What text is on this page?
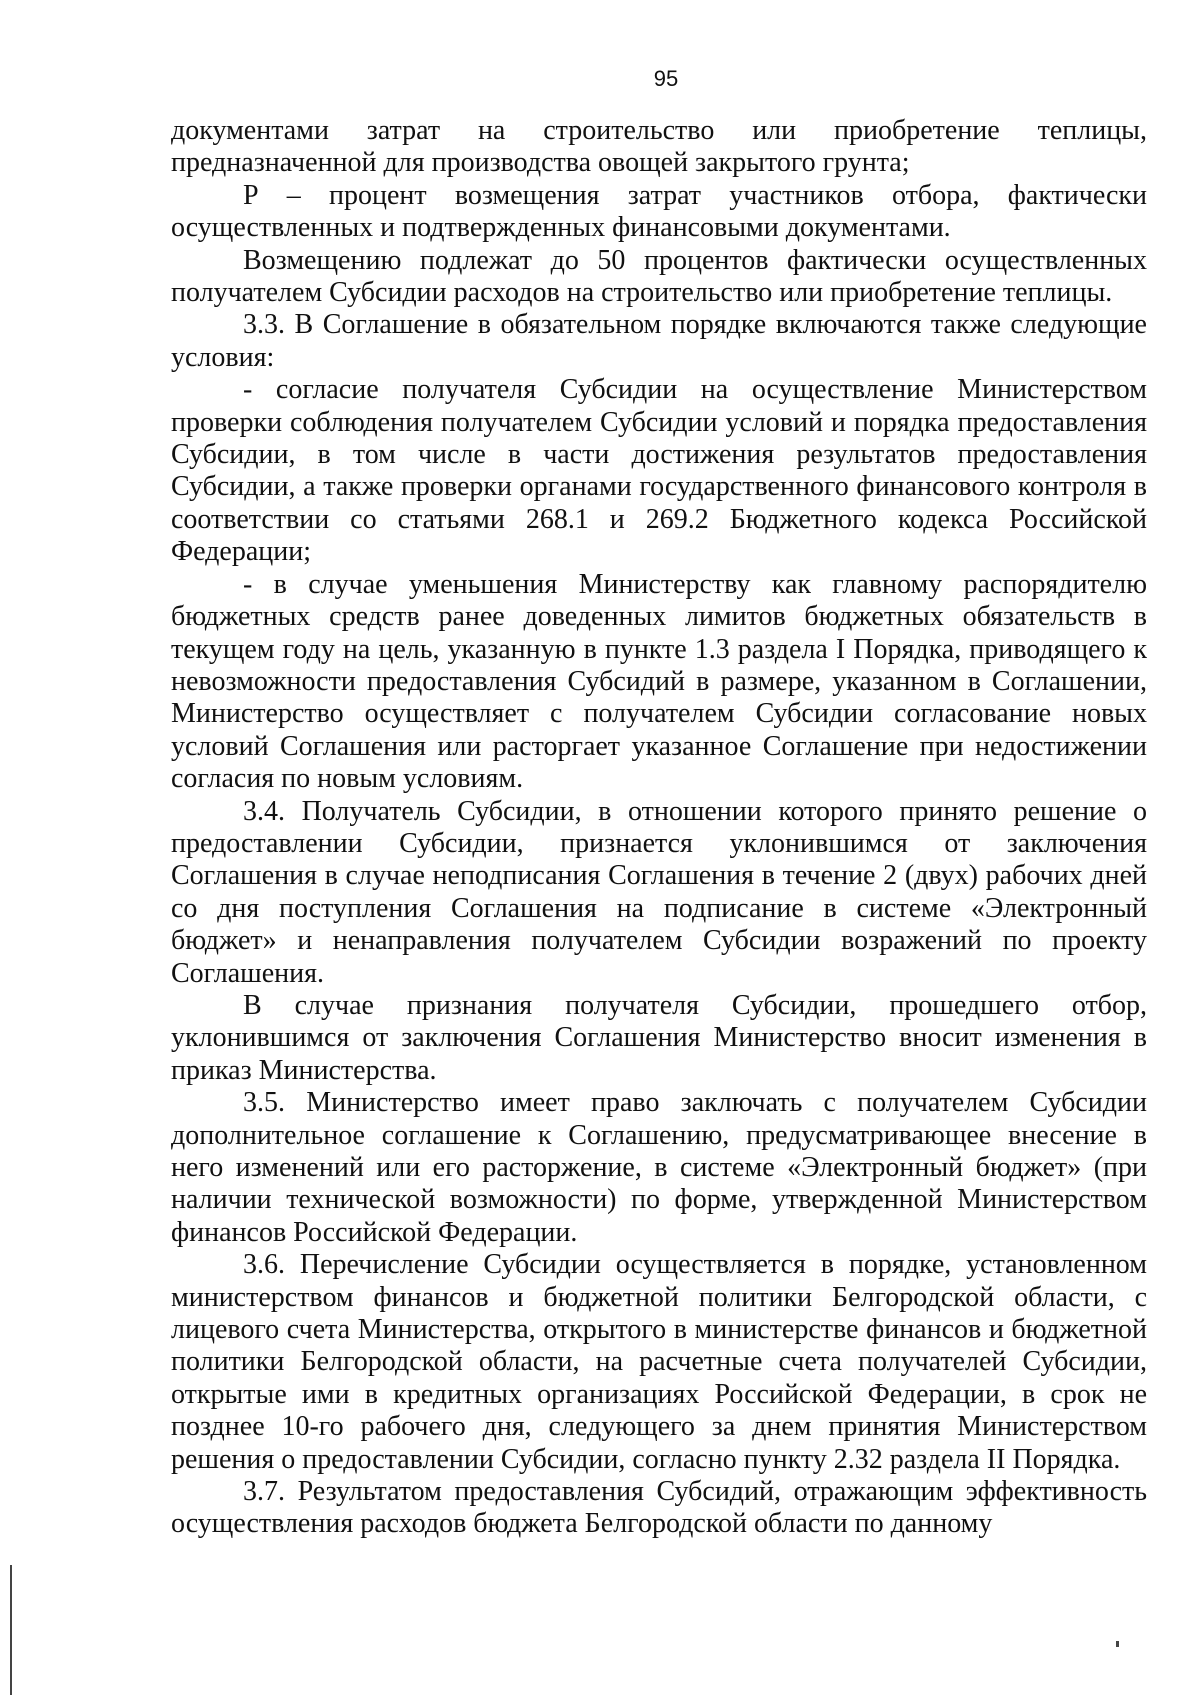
95

документами затрат на строительство или приобретение теплицы, предназначенной для производства овощей закрытого грунта;

Р – процент возмещения затрат участников отбора, фактически осуществленных и подтвержденных финансовыми документами.

Возмещению подлежат до 50 процентов фактически осуществленных получателем Субсидии расходов на строительство или приобретение теплицы.

3.3. В Соглашение в обязательном порядке включаются также следующие условия:

- согласие получателя Субсидии на осуществление Министерством проверки соблюдения получателем Субсидии условий и порядка предоставления Субсидии, в том числе в части достижения результатов предоставления Субсидии, а также проверки органами государственного финансового контроля в соответствии со статьями 268.1 и 269.2 Бюджетного кодекса Российской Федерации;

- в случае уменьшения Министерству как главному распорядителю бюджетных средств ранее доведенных лимитов бюджетных обязательств в текущем году на цель, указанную в пункте 1.3 раздела I Порядка, приводящего к невозможности предоставления Субсидий в размере, указанном в Соглашении, Министерство осуществляет с получателем Субсидии согласование новых условий Соглашения или расторгает указанное Соглашение при недостижении согласия по новым условиям.

3.4. Получатель Субсидии, в отношении которого принято решение о предоставлении Субсидии, признается уклонившимся от заключения Соглашения в случае неподписания Соглашения в течение 2 (двух) рабочих дней со дня поступления Соглашения на подписание в системе «Электронный бюджет» и ненаправления получателем Субсидии возражений по проекту Соглашения.

В случае признания получателя Субсидии, прошедшего отбор, уклонившимся от заключения Соглашения Министерство вносит изменения в приказ Министерства.

3.5. Министерство имеет право заключать с получателем Субсидии дополнительное соглашение к Соглашению, предусматривающее внесение в него изменений или его расторжение, в системе «Электронный бюджет» (при наличии технической возможности) по форме, утвержденной Министерством финансов Российской Федерации.

3.6. Перечисление Субсидии осуществляется в порядке, установленном министерством финансов и бюджетной политики Белгородской области, с лицевого счета Министерства, открытого в министерстве финансов и бюджетной политики Белгородской области, на расчетные счета получателей Субсидии, открытые ими в кредитных организациях Российской Федерации, в срок не позднее 10-го рабочего дня, следующего за днем принятия Министерством решения о предоставлении Субсидии, согласно пункту 2.32 раздела II Порядка.

3.7. Результатом предоставления Субсидий, отражающим эффективность осуществления расходов бюджета Белгородской области по данному
